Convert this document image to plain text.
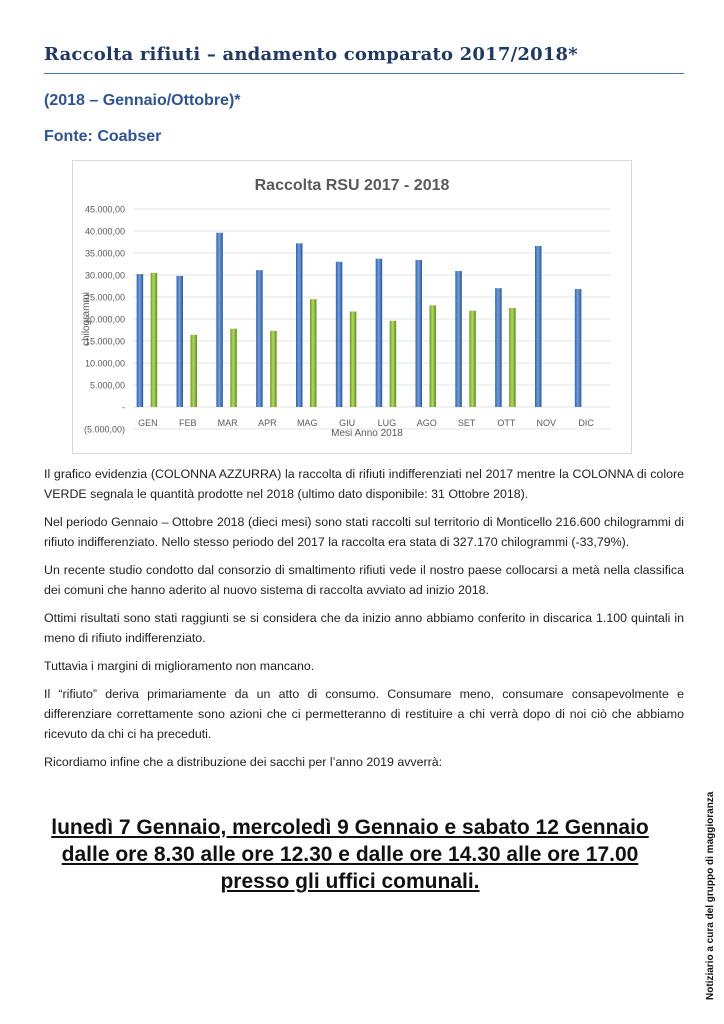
Raccolta rifiuti – andamento comparato 2017/2018*
(2018 – Gennaio/Ottobre)*
Fonte: Coabser
Raccolta RSU 2017 - 2018
45.000,00
40.000,00
35.000,00
30.000,00
25.000,00
20.000,00
15.000,00
10.000,00
5.000,00
-
(5.000,00)
GEN FEB MAR APR MAG GIU	LUG AGO SET OTT NOV DIC
chilogrammi
Mesi Anno 2018

Il grafico evidenzia (COLONNA AZZURRA) la raccolta di rifiuti indifferenziati nel 2017 mentre la COLONNA di colore VERDE segnala le quantità prodotte nel 2018 (ultimo dato disponibile: 31 Ottobre 2018).

Nel periodo Gennaio – Ottobre 2018 (dieci mesi) sono stati raccolti sul territorio di Monticello 216.600 chilogrammi di rifiuto indifferenziato. Nello stesso periodo del 2017 la raccolta era stata di 327.170 chilogrammi (-33,79%).

Un recente studio condotto dal consorzio di smaltimento rifiuti vede il nostro paese collocarsi a metà nella classifica dei comuni che hanno aderito al nuovo sistema di raccolta avviato ad inizio 2018.

Ottimi risultati sono stati raggiunti se si considera che da inizio anno abbiamo conferito in discarica 1.100 quintali in meno di rifiuto indifferenziato.

Tuttavia i margini di miglioramento non mancano.

Il “rifiuto” deriva primariamente da un atto di consumo. Consumare meno, consumare consapevolmente e differenziare correttamente sono azioni che ci permetteranno di restituire a chi verrà dopo di noi ciò che abbiamo ricevuto da chi ci ha preceduti.

Ricordiamo infine che a distribuzione dei sacchi per l’anno 2019 avverrà:

lunedì 7 Gennaio, mercoledì 9 Gennaio e sabato 12 Gennaio
dalle ore 8.30 alle ore 12.30 e dalle ore 14.30 alle ore 17.00
presso gli uffici comunali.	Notiziario a cura del gruppo di maggioranza
